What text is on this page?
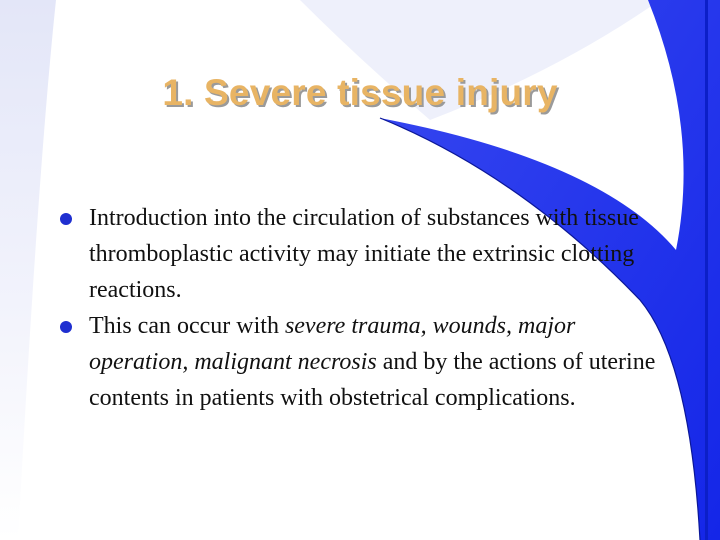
1. Severe tissue injury

Introduction into the circulation of substances with tissue thromboplastic activity may initiate the extrinsic clotting reactions.

This can occur with severe trauma, wounds, major operation, malignant necrosis and by the actions of uterine contents in patients with obstetrical complications.
